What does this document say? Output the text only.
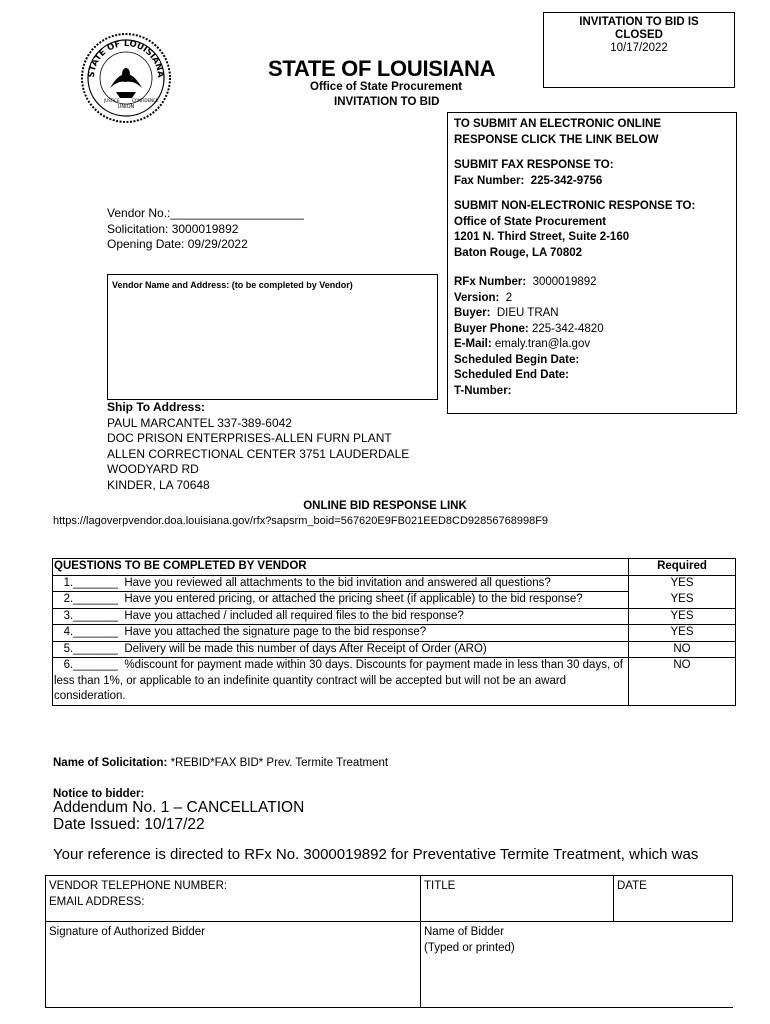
STATE OF LOUISIANA
UNION
JUSTICE	CONFIDENCE
INVITATION TO BID IS
CLOSED
10/17/2022
STATE OF LOUISIANA
Office of State Procurement
INVITATION TO BID

TO SUBMIT AN ELECTRONIC ONLINE

RESPONSE CLICK THE LINK BELOW

SUBMIT FAX RESPONSE TO:

Fax Number: 225-342-9756

SUBMIT NON-ELECTRONIC RESPONSE TO:

Office of State Procurement

1201 N. Third Street, Suite 2-160

Baton Rouge, LA 70802

RFx Number: 3000019892

Version: 2

Buyer: DIEU TRAN

Buyer Phone: 225-342-4820

E-Mail: emaly.tran@la.gov

Scheduled Begin Date:

Scheduled End Date:

T-Number:

Vendor No.:____________________
Solicitation: 3000019892
Opening Date: 09/29/2022
Vendor Name and Address: (to be completed by Vendor)
Ship To Address:
PAUL MARCANTEL 337-389-6042
DOC PRISON ENTERPRISES-ALLEN FURN PLANT
ALLEN CORRECTIONAL CENTER 3751 LAUDERDALE
WOODYARD RD
KINDER, LA 70648
ONLINE BID RESPONSE LINK
https://lagoverpvendor.doa.louisiana.gov/rfx?sapsrm_boid=567620E9FB021EED8CD92856768998F9
QUESTIONS TO BE COMPLETED BY VENDOR	Required
1._______  Have you reviewed all attachments to the bid invitation and answered all questions?	YES
2._______  Have you entered pricing, or attached the pricing sheet (if applicable) to the bid response?	YES
3._______  Have you attached / included all required files to the bid response?	YES
4._______  Have you attached the signature page to the bid response?	YES
5._______  Delivery will be made this number of days After Receipt of Order (ARO)	NO
6._______  %discount for payment made within 30 days. Discounts for payment made in less than 30 days, of less than 1%, or applicable to an indefinite quantity contract will be accepted but will not be an award consideration.	NO
Name of Solicitation: *REBID*FAX BID* Prev. Termite Treatment
Notice to bidder:
Addendum No. 1 – CANCELLATION
Date Issued: 10/17/22
Your reference is directed to RFx No. 3000019892 for Preventative Termite Treatment, which was
VENDOR TELEPHONE NUMBER:
EMAIL ADDRESS:	TITLE	DATE
Signature of Authorized Bidder	Name of Bidder
(Typed or printed)	
